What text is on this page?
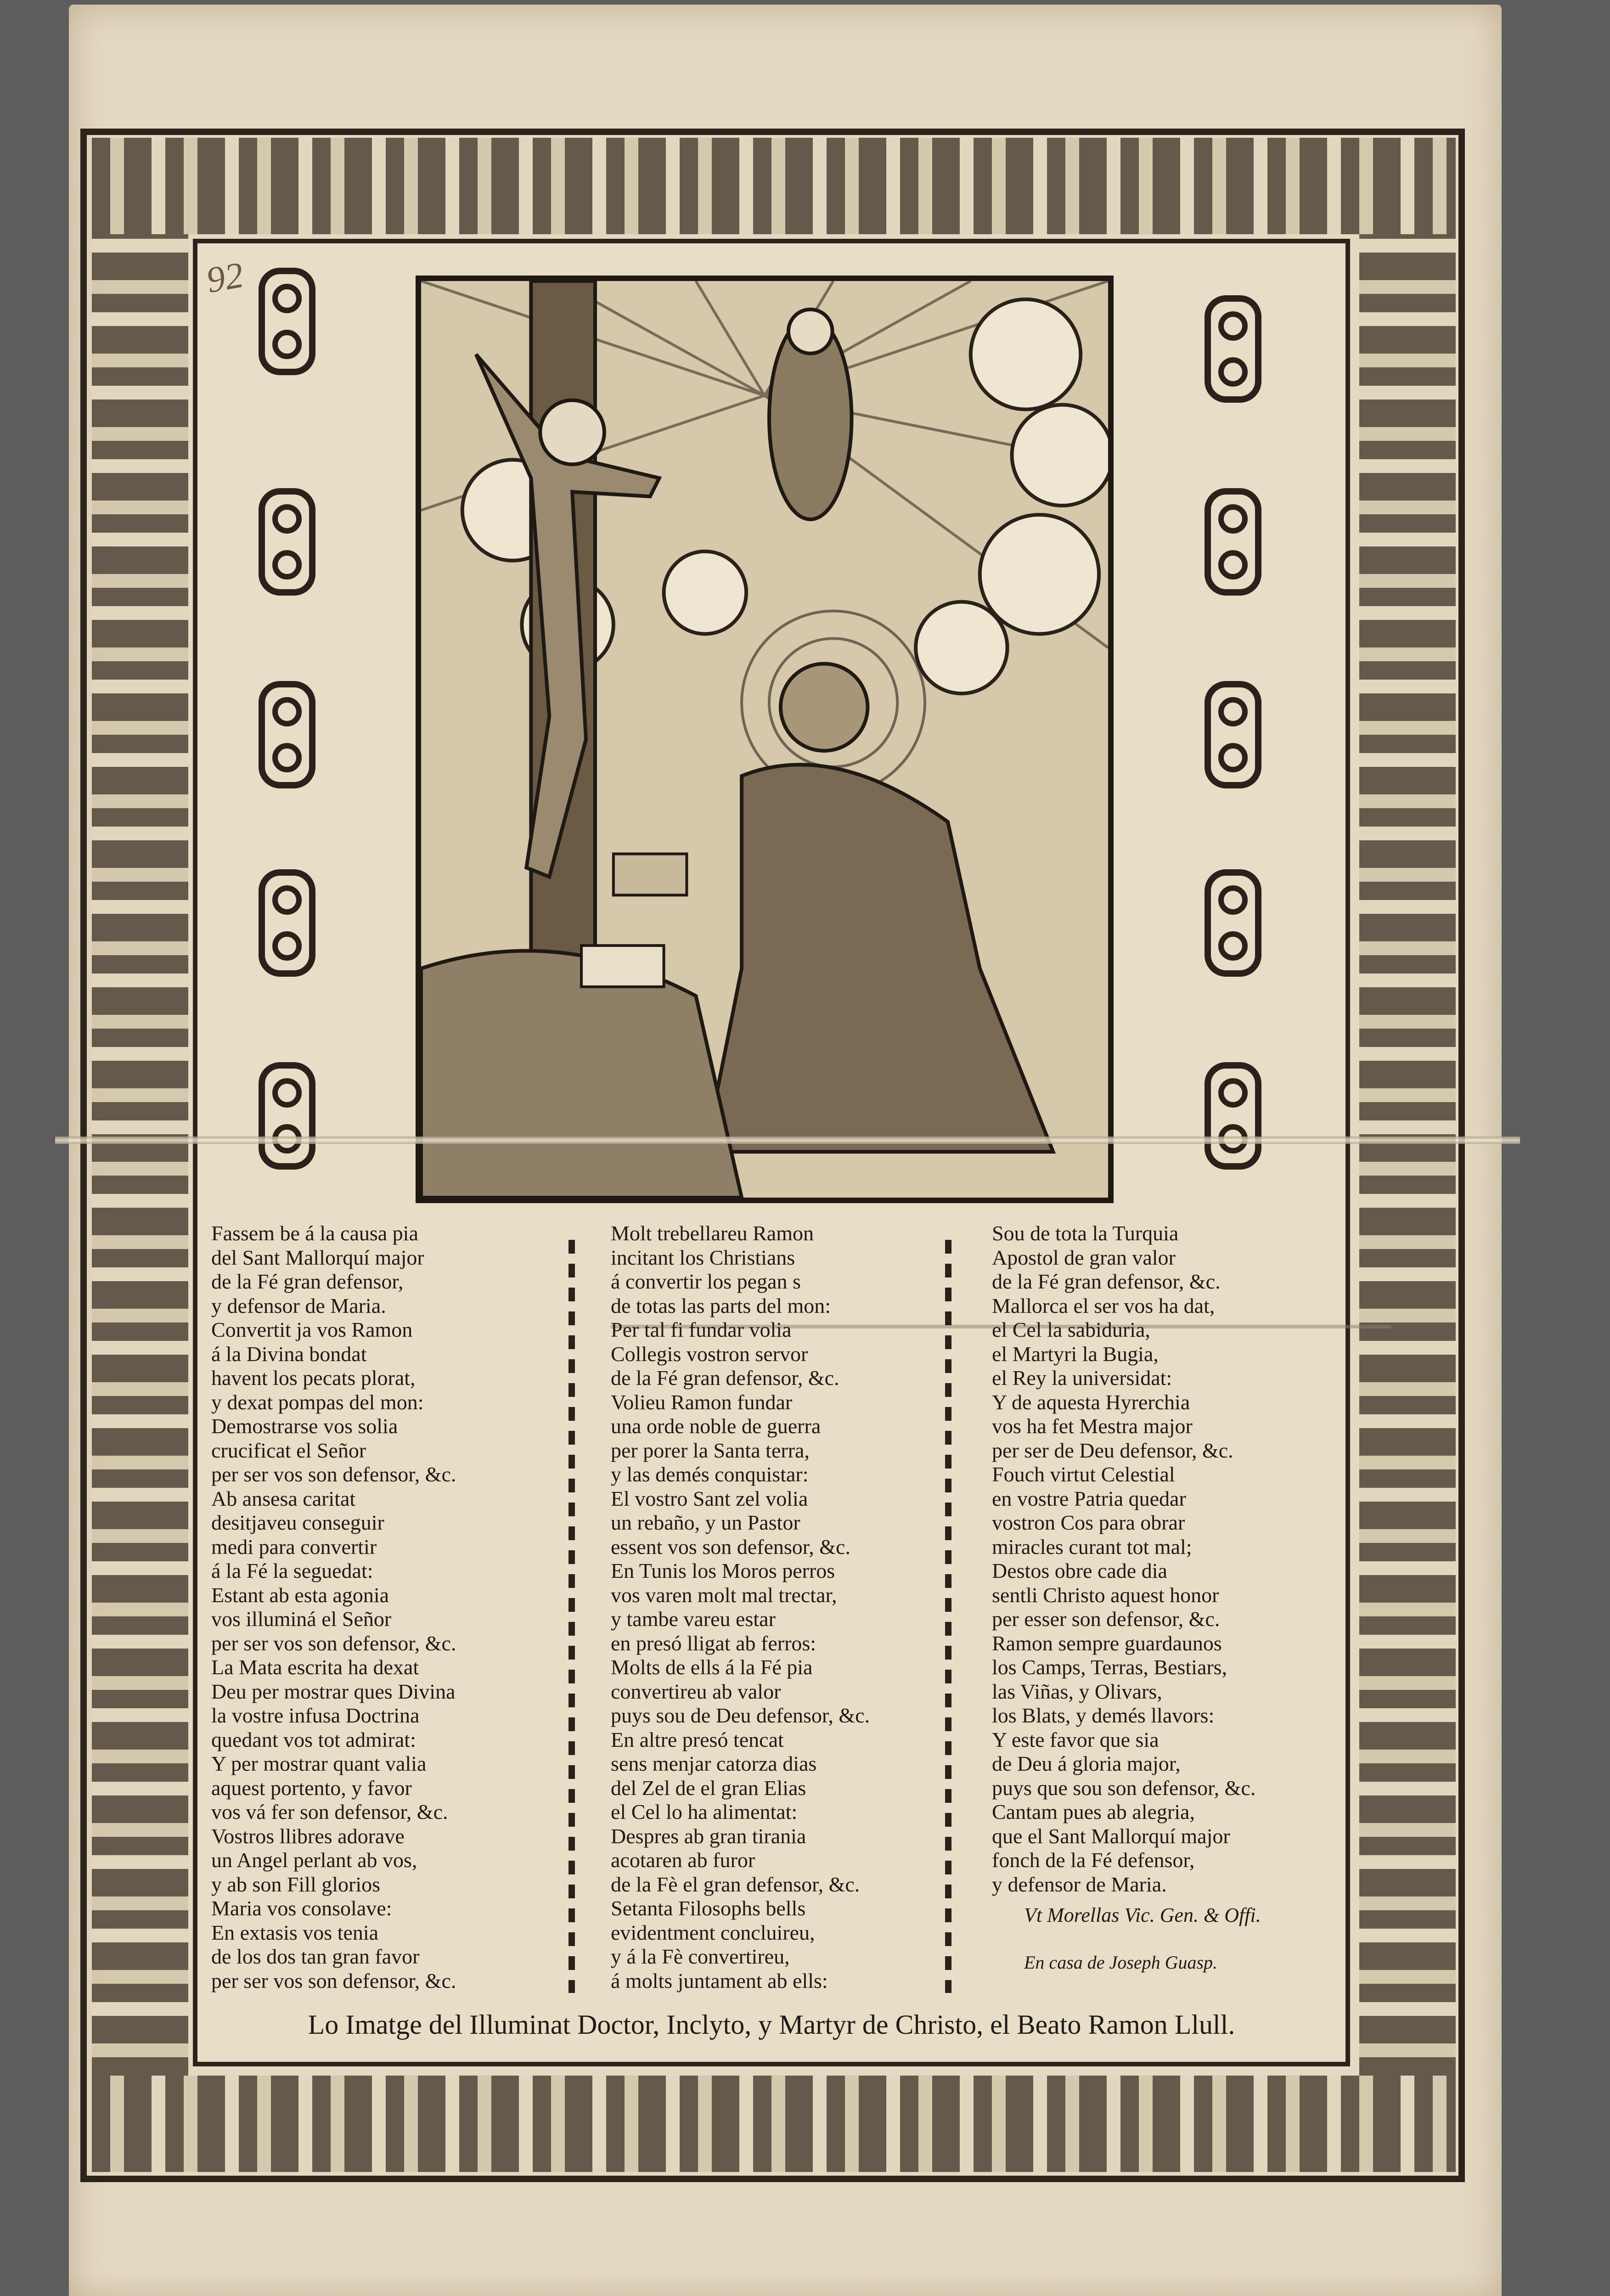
92
Fassem be á la causa pia
del Sant Mallorquí major
de la Fé gran defensor,
y defensor de Maria.
Convertit ja vos Ramon
á la Divina bondat
havent los pecats plorat,
y dexat pompas del mon:
Demostrarse vos solia
crucificat el Señor
per ser vos son defensor, &c.
Ab ansesa caritat
desitjaveu conseguir
medi para convertir
á la Fé la seguedat:
Estant ab esta agonia
vos illuminá el Señor
per ser vos son defensor, &c.
La Mata escrita ha dexat
Deu per mostrar ques Divina
la vostre infusa Doctrina
quedant vos tot admirat:
Y per mostrar quant valia
aquest portento, y favor
vos vá fer son defensor, &c.
Vostros llibres adorave
un Angel perlant ab vos,
y ab son Fill glorios
Maria vos consolave:
En extasis vos tenia
de los dos tan gran favor
per ser vos son defensor, &c.
Molt trebellareu Ramon
incitant los Christians
á convertir los pegan s
de totas las parts del mon:
Per tal fi fundar volia
Collegis vostron servor
de la Fé gran defensor, &c.
Volieu Ramon fundar
una orde noble de guerra
per porer la Santa terra,
y las demés conquistar:
El vostro Sant zel volia
un rebaño, y un Pastor
essent vos son defensor, &c.
En Tunis los Moros perros
vos varen molt mal trectar,
y tambe vareu estar
en presó lligat ab ferros:
Molts de ells á la Fé pia
convertireu ab valor
puys sou de Deu defensor, &c.
En altre presó tencat
sens menjar catorza dias
del Zel de el gran Elias
el Cel lo ha alimentat:
Despres ab gran tirania
acotaren ab furor
de la Fè el gran defensor, &c.
Setanta Filosophs bells
evidentment concluireu,
y á la Fè convertireu,
á molts juntament ab ells:
Sou de tota la Turquia
Apostol de gran valor
de la Fé gran defensor, &c.
Mallorca el ser vos ha dat,
el Cel la sabiduria,
el Martyri la Bugia,
el Rey la universidat:
Y de aquesta Hyrerchia
vos ha fet Mestra major
per ser de Deu defensor, &c.
Fouch virtut Celestial
en vostre Patria quedar
vostron Cos para obrar
miracles curant tot mal;
Destos obre cade dia
sentli Christo aquest honor
per esser son defensor, &c.
Ramon sempre guardaunos
los Camps, Terras, Bestiars,
las Viñas, y Olivars,
los Blats, y demés llavors:
Y este favor que sia
de Deu á gloria major,
puys que sou son defensor, &c.
Cantam pues ab alegria,
que el Sant Mallorquí major
fonch de la Fé defensor,
y defensor de Maria.
Vt Morellas Vic. Gen. & Offi.
En casa de Joseph Guasp.
Lo Imatge del Illuminat Doctor, Inclyto, y Martyr de Christo, el Beato Ramon Llull.
